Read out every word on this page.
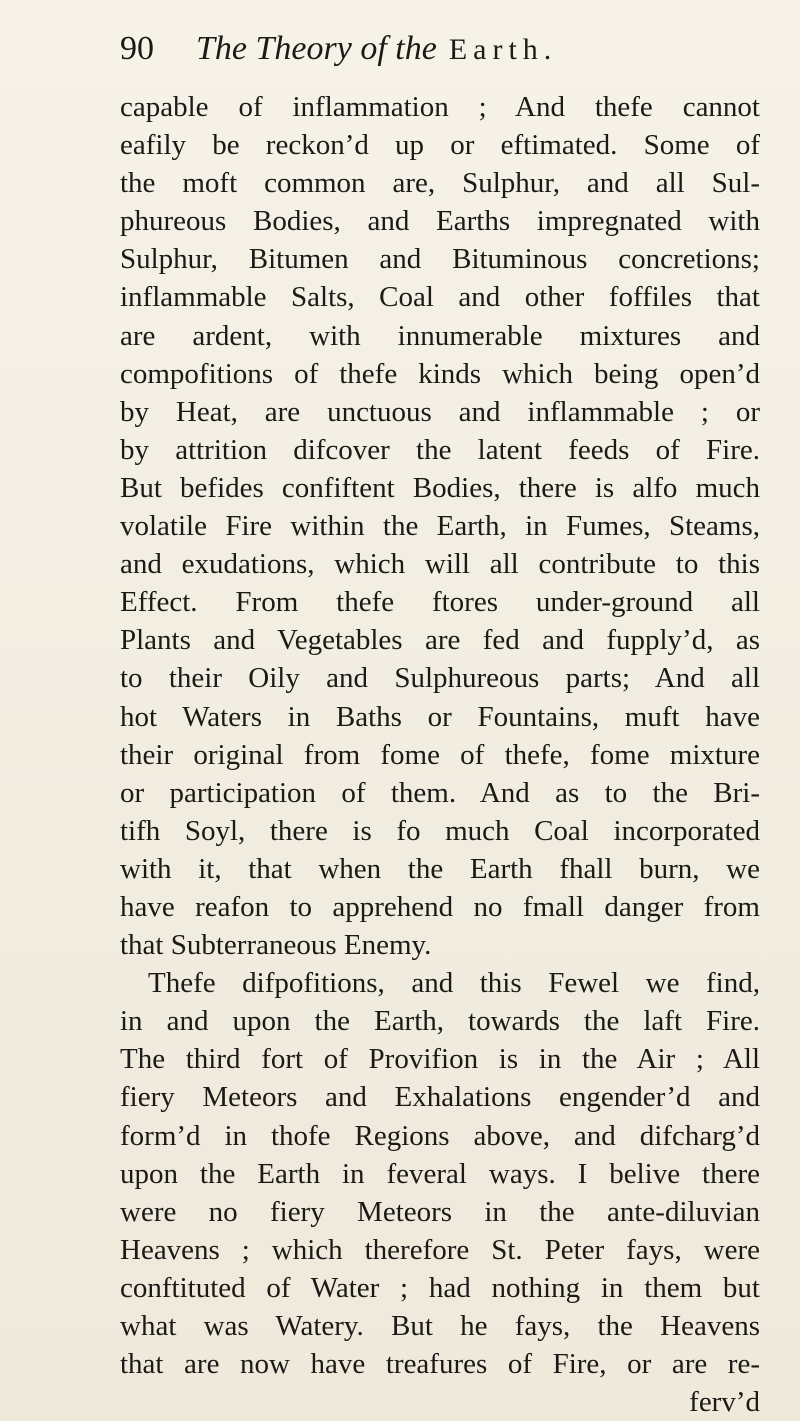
90 The Theory of the Earth.
capable of inflammation ; And thefe cannot
eafily be reckon’d up or eftimated. Some of
the moft common are, Sulphur, and all Sul-
phureous Bodies, and Earths impregnated with
Sulphur, Bitumen and Bituminous concretions;
inflammable Salts, Coal and other foffiles that
are ardent, with innumerable mixtures and
compofitions of thefe kinds which being open’d
by Heat, are unctuous and inflammable ; or
by attrition difcover the latent feeds of Fire.
But befides confiftent Bodies, there is alfo much
volatile Fire within the Earth, in Fumes, Steams,
and exudations, which will all contribute to this
Effect. From thefe ftores under-ground all
Plants and Vegetables are fed and fupply’d, as
to their Oily and Sulphureous parts; And all
hot Waters in Baths or Fountains, muft have
their original from fome of thefe, fome mixture
or participation of them. And as to the Bri-
tifh Soyl, there is fo much Coal incorporated
with it, that when the Earth fhall burn, we
have reafon to apprehend no fmall danger from
that Subterraneous Enemy.
Thefe difpofitions, and this Fewel we find,
in and upon the Earth, towards the laft Fire.
The third fort of Provifion is in the Air ; All
fiery Meteors and Exhalations engender’d and
form’d in thofe Regions above, and difcharg’d
upon the Earth in feveral ways. I belive there
were no fiery Meteors in the ante-diluvian
Heavens ; which therefore St. Peter fays, were
conftituted of Water ; had nothing in them but
what was Watery. But he fays, the Heavens
that are now have treafures of Fire, or are re-
ferv’d
